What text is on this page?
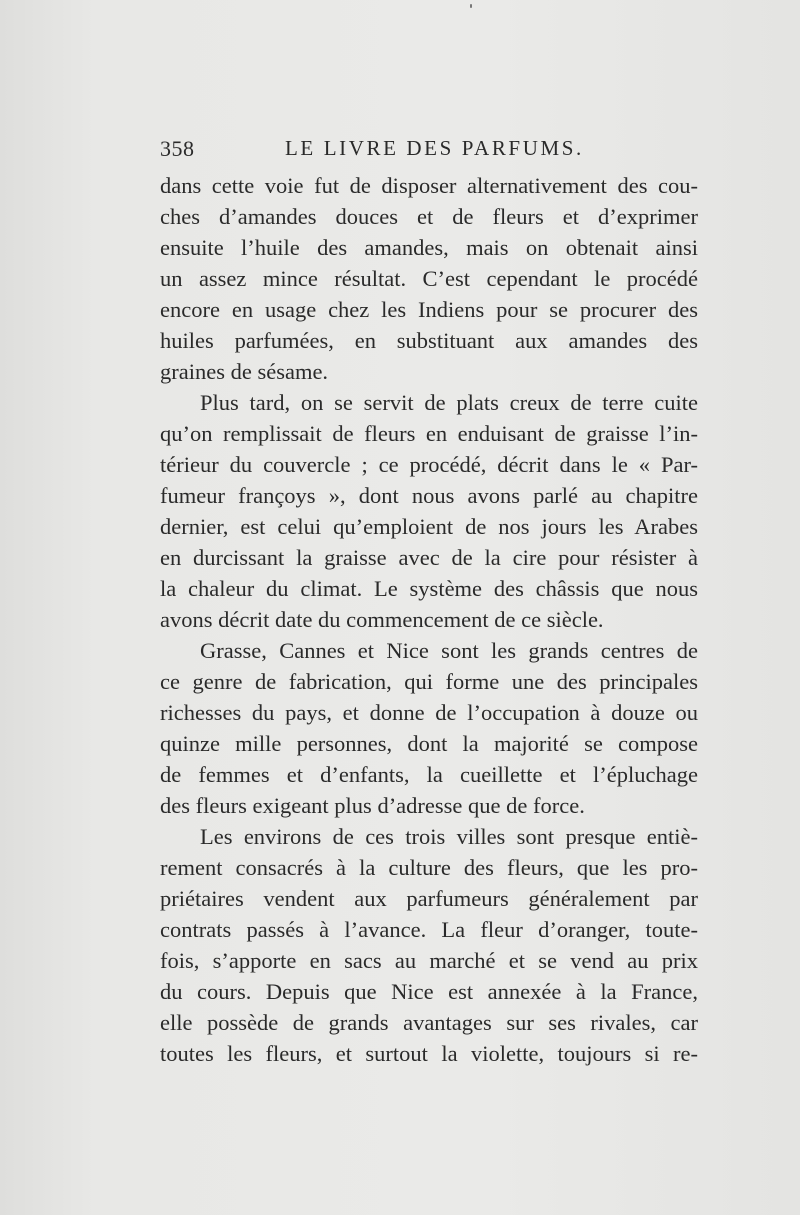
358	LE LIVRE DES PARFUMS.

dans cette voie fut de disposer alternativement des cou-
ches d’amandes douces et de fleurs et d’exprimer
ensuite l’huile des amandes, mais on obtenait ainsi
un assez mince résultat. C’est cependant le procédé
encore en usage chez les Indiens pour se procurer des
huiles parfumées, en substituant aux amandes des
graines de sésame.

Plus tard, on se servit de plats creux de terre cuite
qu’on remplissait de fleurs en enduisant de graisse l’in-
térieur du couvercle ; ce procédé, décrit dans le « Par-
fumeur françoys », dont nous avons parlé au chapitre
dernier, est celui qu’emploient de nos jours les Arabes
en durcissant la graisse avec de la cire pour résister à
la chaleur du climat. Le système des châssis que nous
avons décrit date du commencement de ce siècle.

Grasse, Cannes et Nice sont les grands centres de
ce genre de fabrication, qui forme une des principales
richesses du pays, et donne de l’occupation à douze ou
quinze mille personnes, dont la majorité se compose
de femmes et d’enfants, la cueillette et l’épluchage
des fleurs exigeant plus d’adresse que de force.

Les environs de ces trois villes sont presque entiè-
rement consacrés à la culture des fleurs, que les pro-
priétaires vendent aux parfumeurs généralement par
contrats passés à l’avance. La fleur d’oranger, toute-
fois, s’apporte en sacs au marché et se vend au prix
du cours. Depuis que Nice est annexée à la France,
elle possède de grands avantages sur ses rivales, car
toutes les fleurs, et surtout la violette, toujours si re-
